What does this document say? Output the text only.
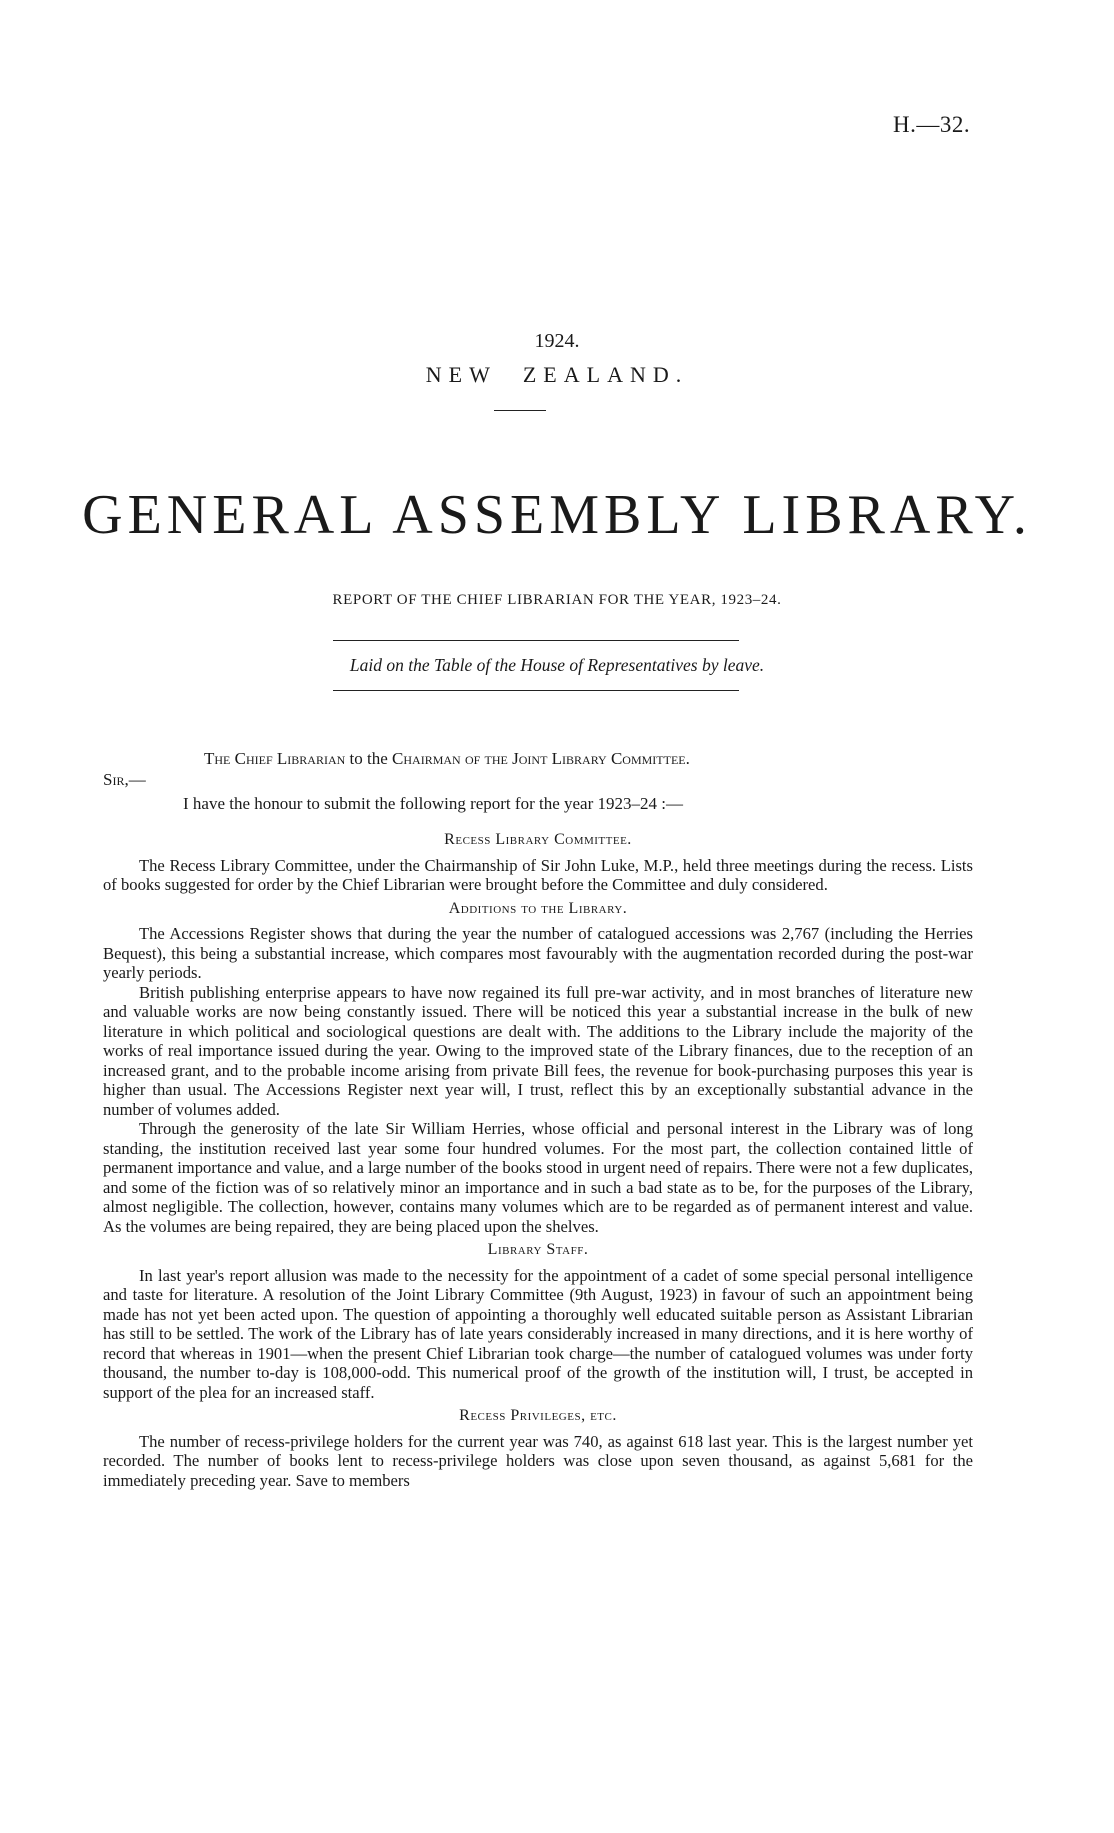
H.—32.
1924.
NEW ZEALAND.
GENERAL ASSEMBLY LIBRARY.
REPORT OF THE CHIEF LIBRARIAN FOR THE YEAR, 1923–24.
Laid on the Table of the House of Representatives by leave.
The Chief Librarian to the Chairman of the Joint Library Committee.
Sir,—
I have the honour to submit the following report for the year 1923–24 :—
Recess Library Committee.

The Recess Library Committee, under the Chairmanship of Sir John Luke, M.P., held three meetings during the recess. Lists of books suggested for order by the Chief Librarian were brought before the Committee and duly considered.

Additions to the Library.

The Accessions Register shows that during the year the number of catalogued accessions was 2,767 (including the Herries Bequest), this being a substantial increase, which compares most favourably with the augmentation recorded during the post-war yearly periods.

British publishing enterprise appears to have now regained its full pre-war activity, and in most branches of literature new and valuable works are now being constantly issued. There will be noticed this year a substantial increase in the bulk of new literature in which political and sociological questions are dealt with. The additions to the Library include the majority of the works of real importance issued during the year. Owing to the improved state of the Library finances, due to the reception of an increased grant, and to the probable income arising from private Bill fees, the revenue for book-purchasing purposes this year is higher than usual. The Accessions Register next year will, I trust, reflect this by an exceptionally substantial advance in the number of volumes added.

Through the generosity of the late Sir William Herries, whose official and personal interest in the Library was of long standing, the institution received last year some four hundred volumes. For the most part, the collection contained little of permanent importance and value, and a large number of the books stood in urgent need of repairs. There were not a few duplicates, and some of the fiction was of so relatively minor an importance and in such a bad state as to be, for the purposes of the Library, almost negligible. The collection, however, contains many volumes which are to be regarded as of permanent interest and value. As the volumes are being repaired, they are being placed upon the shelves.

Library Staff.

In last year's report allusion was made to the necessity for the appointment of a cadet of some special personal intelligence and taste for literature. A resolution of the Joint Library Committee (9th August, 1923) in favour of such an appointment being made has not yet been acted upon. The question of appointing a thoroughly well educated suitable person as Assistant Librarian has still to be settled. The work of the Library has of late years considerably increased in many directions, and it is here worthy of record that whereas in 1901—when the present Chief Librarian took charge—the number of catalogued volumes was under forty thousand, the number to-day is 108,000-odd. This numerical proof of the growth of the institution will, I trust, be accepted in support of the plea for an increased staff.

Recess Privileges, etc.

The number of recess-privilege holders for the current year was 740, as against 618 last year. This is the largest number yet recorded. The number of books lent to recess-privilege holders was close upon seven thousand, as against 5,681 for the immediately preceding year. Save to members
